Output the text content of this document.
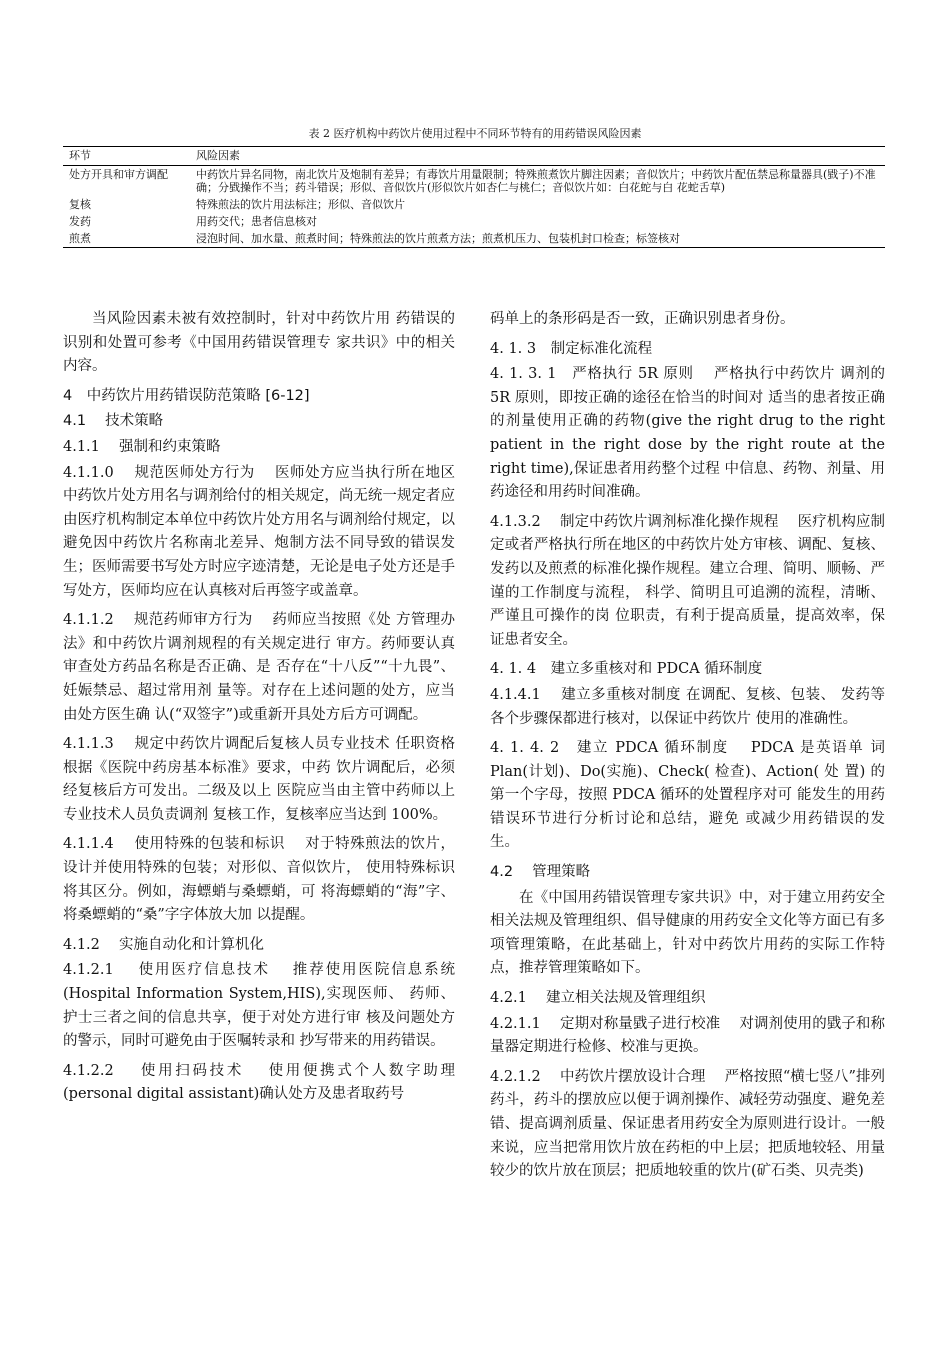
表 2 医疗机构中药饮片使用过程中不同环节特有的用药错误风险因素
环节	风险因素
处方开具和审方调配	中药饮片异名同物，南北饮片及炮制有差异；有毒饮片用量限制；特殊煎煮饮片脚注因素；音似饮片；中药饮片配伍禁忌称量器具(戥子)不准确；分戥操作不当；药斗错误；形似、音似饮片(形似饮片如杏仁与桃仁；音似饮片如：白花蛇与白 花蛇舌草)
复核	特殊煎法的饮片用法标注；形似、音似饮片
发药	用药交代；患者信息核对
煎煮	浸泡时间、加水量、煎煮时间；特殊煎法的饮片煎煮方法；煎煮机压力、包装机封口检查；标签核对

当风险因素未被有效控制时，针对中药饮片用 药错误的识别和处置可参考《中国用药错误管理专 家共识》中的相关内容。

4　中药饮片用药错误防范策略 [6-12]

4.1　 技术策略

4.1.1　 强制和约束策略

4.1.1.0　 规范医师处方行为　 医师处方应当执行所在地区中药饮片处方用名与调剂给付的相关规定，尚无统一规定者应由医疗机构制定本单位中药饮片处方用名与调剂给付规定，以避免因中药饮片名称南北差异、炮制方法不同导致的错误发生；医师需要书写处方时应字迹清楚，无论是电子处方还是手写处方，医师均应在认真核对后再签字或盖章。

4.1.1.2　 规范药师审方行为　 药师应当按照《处 方管理办法》和中药饮片调剂规程的有关规定进行 审方。药师要认真审查处方药品名称是否正确、是 否存在“十八反”“十九畏”、妊娠禁忌、超过常用剂 量等。对存在上述问题的处方，应当由处方医生确 认(“双签字”)或重新开具处方后方可调配。

4.1.1.3　 规定中药饮片调配后复核人员专业技术 任职资格　 根据《医院中药房基本标准》要求，中药 饮片调配后，必须经复核后方可发出。二级及以上 医院应当由主管中药师以上专业技术人员负责调剂 复核工作，复核率应当达到 100%。

4.1.1.4　 使用特殊的包装和标识　 对于特殊煎法的饮片，设计并使用特殊的包装；对形似、音似饮片， 使用特殊标识将其区分。例如，海螵蛸与桑螵蛸，可 将海螵蛸的“海”字、将桑螵蛸的“桑”字字体放大加 以提醒。

4.1.2　 实施自动化和计算机化

4.1.2.1　 使用医疗信息技术　 推荐使用医院信息系统(Hospital Information System,HIS),实现医师、 药师、护士三者之间的信息共享，便于对处方进行审 核及问题处方的警示，同时可避免由于医嘱转录和 抄写带来的用药错误。

4.1.2.2　 使用扫码技术　 使用便携式个人数字助理(personal digital assistant)确认处方及患者取药号

码单上的条形码是否一致，正确识别患者身份。

4. 1. 3　制定标准化流程

4. 1. 3. 1　严格执行 5R 原则　 严格执行中药饮片 调剂的 5R 原则，即按正确的途径在恰当的时间对 适当的患者按正确的剂量使用正确的药物(give the right drug to the right patient in the right dose by the right route at the right time),保证患者用药整个过程 中信息、药物、剂量、用药途径和用药时间准确。

4.1.3.2　 制定中药饮片调剂标准化操作规程　 医疗机构应制定或者严格执行所在地区的中药饮片处方审核、调配、复核、发药以及煎煮的标准化操作规程。建立合理、简明、顺畅、严谨的工作制度与流程， 科学、简明且可追溯的流程，清晰、严谨且可操作的岗 位职责，有利于提高质量，提高效率，保证患者安全。

4. 1. 4　建立多重核对和 PDCA 循环制度

4.1.4.1　 建立多重核对制度 在调配、复核、包装、 发药等各个步骤保都进行核对，以保证中药饮片 使用的准确性。

4. 1. 4. 2　建立 PDCA 循环制度　 PDCA 是英语单 词 Plan(计划)、Do(实施)、Check( 检查)、Action( 处 置) 的第一个字母，按照 PDCA 循环的处置程序对可 能发生的用药错误环节进行分析讨论和总结，避免 或减少用药错误的发生。

4.2　 管理策略

在《中国用药错误管理专家共识》中，对于建立用药安全相关法规及管理组织、倡导健康的用药安全文化等方面已有多项管理策略，在此基础上，针对中药饮片用药的实际工作特点，推荐管理策略如下。

4.2.1　 建立相关法规及管理组织

4.2.1.1　 定期对称量戥子进行校准　 对调剂使用的戥子和称量器定期进行检修、校准与更换。

4.2.1.2　 中药饮片摆放设计合理　 严格按照“横七竖八”排列药斗，药斗的摆放应以便于调剂操作、减轻劳动强度、避免差错、提高调剂质量、保证患者用药安全为原则进行设计。一般来说，应当把常用饮片放在药柜的中上层；把质地较轻、用量较少的饮片放在顶层；把质地较重的饮片(矿石类、贝壳类)
